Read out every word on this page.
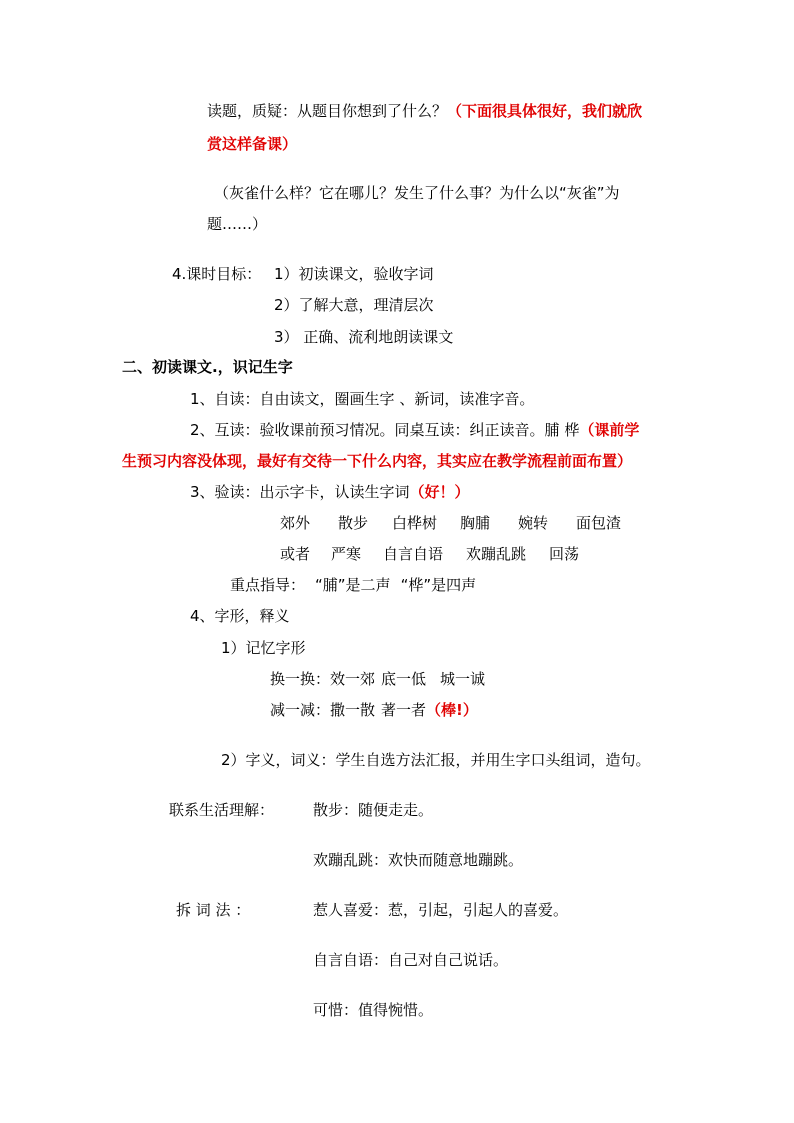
读题，质疑：从题目你想到了什么？（下面很具体很好，我们就欣
赏这样备课）
（灰雀什么样？它在哪儿？发生了什么事？为什么以“灰雀”为
题……）
4.课时目标： 1）初读课文，验收字词
2）了解大意，理清层次
3） 正确、流利地朗读课文
二、初读课文.，识记生字
1、自读：自由读文，圈画生字 、新词，读准字音。
2、互读：验收课前预习情况。同桌互读：纠正读音。脯 桦（课前学
生预习内容没体现，最好有交待一下什么内容，其实应在教学流程前面布置）
3、验读：出示字卡，认读生字词（好！）
郊外 散步 白桦树 胸脯 婉转 面包渣
或者 严寒 自言自语 欢蹦乱跳 回荡
重点指导： “脯”是二声 “桦”是四声
4、字形，释义
1）记忆字形
换一换：效一郊 底一低 城一诚
减一减：撒一散 著一者（棒!）
2）字义，词义：学生自选方法汇报，并用生字口头组词，造句。
联系生活理解：	散步：随便走走。
欢蹦乱跳：欢快而随意地蹦跳。
拆 词 法 ：	惹人喜爱：惹，引起，引起人的喜爱。
自言自语：自己对自己说话。
可惜：值得惋惜。
